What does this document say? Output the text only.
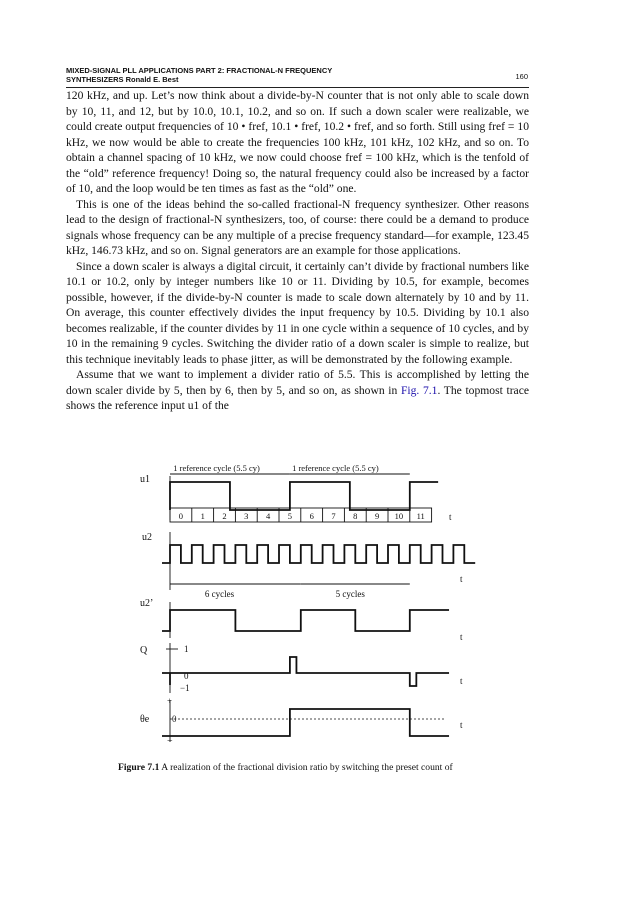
MIXED-SIGNAL PLL APPLICATIONS PART 2: FRACTIONAL-N FREQUENCY
SYNTHESIZERS Ronald E. Best	160

120 kHz, and up. Let’s now think about a divide-by-N counter that is not only able to scale down by 10, 11, and 12, but by 10.0, 10.1, 10.2, and so on. If such a down scaler were realizable, we could create output frequencies of 10 • fref, 10.1 • fref, 10.2 • fref, and so forth. Still using fref = 10 kHz, we now would be able to create the frequencies 100 kHz, 101 kHz, 102 kHz, and so on. To obtain a channel spacing of 10 kHz, we now could choose fref = 100 kHz, which is the tenfold of the “old” reference frequency! Doing so, the natural frequency could also be increased by a factor of 10, and the loop would be ten times as fast as the “old” one.

This is one of the ideas behind the so-called fractional-N frequency synthesizer. Other reasons lead to the design of fractional-N synthesizers, too, of course: there could be a demand to produce signals whose frequency can be any multiple of a precise frequency standard—for example, 123.45 kHz, 146.73 kHz, and so on. Signal generators are an example for those applications.

Since a down scaler is always a digital circuit, it certainly can’t divide by fractional numbers like 10.1 or 10.2, only by integer numbers like 10 or 11. Dividing by 10.5, for example, becomes possible, however, if the divide-by-N counter is made to scale down alternately by 10 and by 11. On average, this counter effectively divides the input frequency by 10.5. Dividing by 10.1 also becomes realizable, if the counter divides by 11 in one cycle within a sequence of 10 cycles, and by 10 in the remaining 9 cycles. Switching the divider ratio of a down scaler is simple to realize, but this technique inevitably leads to phase jitter, as will be demonstrated by the following example.

Assume that we want to implement a divider ratio of 5.5. This is accomplished by letting the down scaler divide by 5, then by 6, then by 5, and so on, as shown in Fig. 7.1. The topmost trace shows the reference input u1 of the

1 reference cycle (5.5 cy)	1 reference cycle (5.5 cy)
u1
0 1 2 3 4 5 6 7 8 9 10 11	t
u2
t
6 cycles	5 cycles
u2’
t
Q	1
0
−1
t
+
θe	0
−
t
Figure 7.1 A realization of the fractional division ratio by switching the preset count of
